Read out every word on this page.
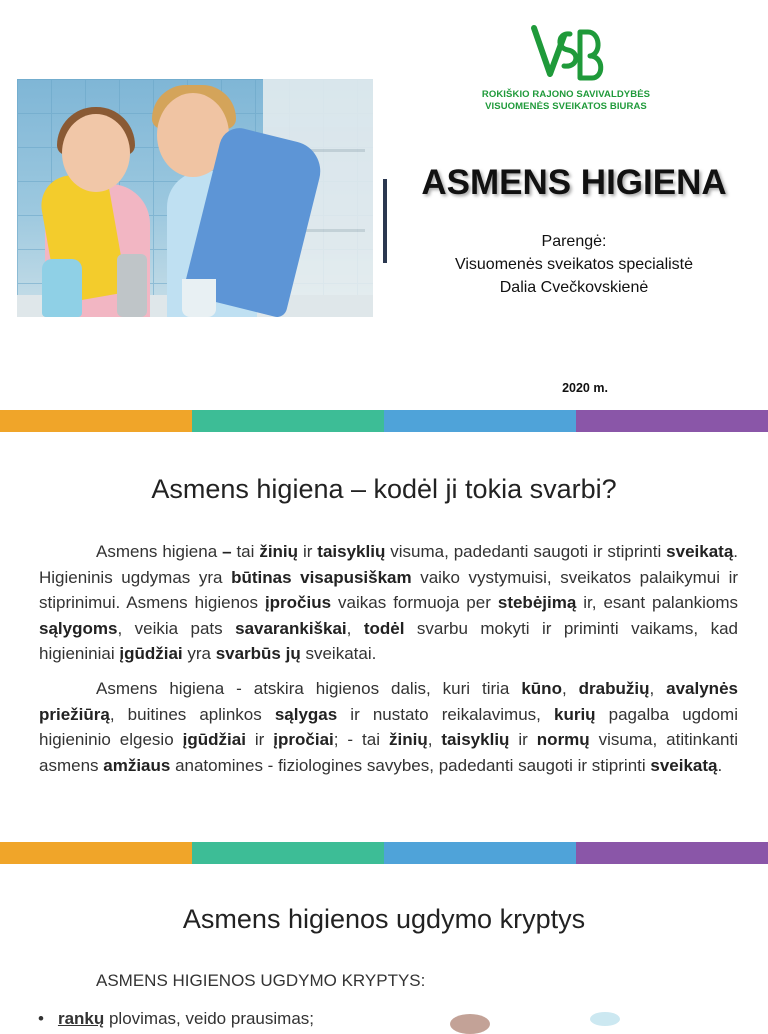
ROKIŠKIO RAJONO SAVIVALDYBĖS
VISUOMENĖS SVEIKATOS BIURAS
ASMENS HIGIENA
Parengė:
Visuomenės sveikatos specialistė
Dalia Cvečkovskienė
2020 m.
Asmens higiena – kodėl ji tokia svarbi?
Asmens higiena – tai žinių ir taisyklių visuma, padedanti saugoti ir stiprinti sveikatą. Higieninis ugdymas yra būtinas visapusiškam vaiko vystymuisi, sveikatos palaikymui ir stiprinimui. Asmens higienos įpročius vaikas formuoja per stebėjimą ir, esant palankioms sąlygoms, veikia pats savarankiškai, todėl svarbu mokyti ir priminti vaikams, kad higieniniai įgūdžiai yra svarbūs jų sveikatai.
Asmens higiena - atskira higienos dalis, kuri tiria kūno, drabužių, avalynės priežiūrą, buitines aplinkos sąlygas ir nustato reikalavimus, kurių pagalba ugdomi higieninio elgesio įgūdžiai ir įpročiai; - tai žinių, taisyklių ir normų visuma, atitinkanti asmens amžiaus anatomines - fiziologines savybes, padedanti saugoti ir stiprinti sveikatą.
Asmens higienos ugdymo kryptys
ASMENS HIGIENOS UGDYMO KRYPTYS:
• rankų plovimas, veido prausimas;
